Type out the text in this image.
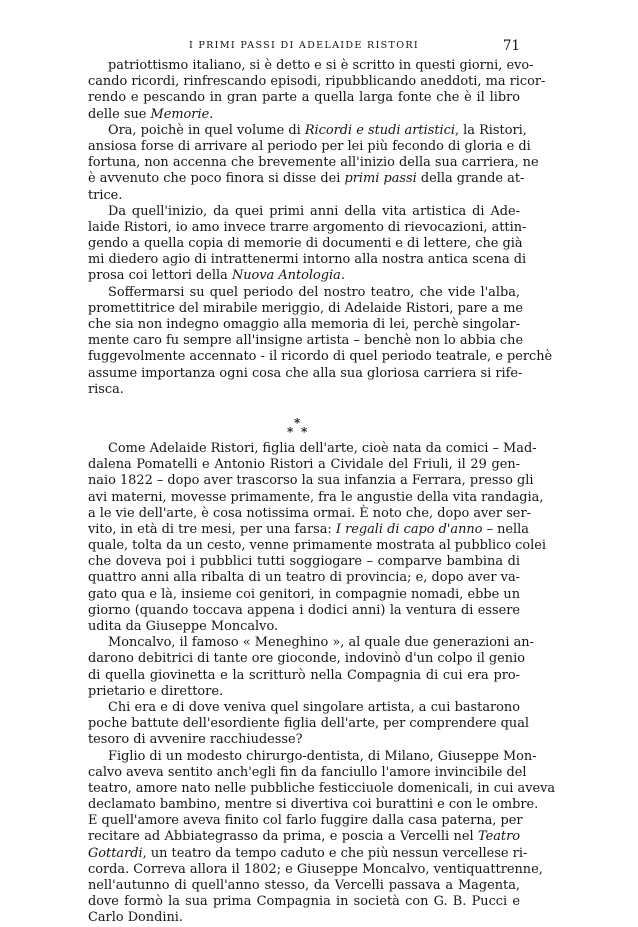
I PRIMI PASSI DI ADELAIDE RISTORI	71
patriottismo italiano, si è detto e si è scritto in questi giorni, evo-
cando ricordi, rinfrescando episodi, ripubblicando aneddoti, ma ricor-
rendo e pescando in gran parte a quella larga fonte che è il libro
delle sue Memorie.
Ora, poichè in quel volume di Ricordi e studi artistici, la Ristori,
ansiosa forse di arrivare al periodo per lei più fecondo di gloria e di
fortuna, non accenna che brevemente all'inizio della sua carriera, ne
è avvenuto che poco finora si disse dei primi passi della grande at-
trice.
Da quell'inizio, da quei primi anni della vita artistica di Ade-
laide Ristori, io amo invece trarre argomento di rievocazioni, attin-
gendo a quella copia di memorie di documenti e di lettere, che già
mi diedero agio di intrattenermi intorno alla nostra antica scena di
prosa coi lettori della Nuova Antologia.
Soffermarsi su quel periodo del nostro teatro, che vide l'alba,
promettitrice del mirabile meriggio, di Adelaide Ristori, pare a me
che sia non indegno omaggio alla memoria di lei, perchè singolar-
mente caro fu sempre all'insigne artista – benchè non lo abbia che
fuggevolmente accennato - il ricordo di quel periodo teatrale, e perchè
assume importanza ogni cosa che alla sua gloriosa carriera si rife-
risca.
*
* *
Come Adelaide Ristori, figlia dell'arte, cioè nata da comici – Mad-
dalena Pomatelli e Antonio Ristori a Cividale del Friuli, il 29 gen-
naio 1822 – dopo aver trascorso la sua infanzia a Ferrara, presso gli
avi materni, movesse primamente, fra le angustie della vita randagia,
a le vie dell'arte, è cosa notissima ormai. È noto che, dopo aver ser-
vito, in età di tre mesi, per una farsa: I regali di capo d'anno – nella
quale, tolta da un cesto, venne primamente mostrata al pubblico colei
che doveva poi i pubblici tutti soggiogare – comparve bambina di
quattro anni alla ribalta di un teatro di provincia; e, dopo aver va-
gato qua e là, insieme coi genitori, in compagnie nomadi, ebbe un
giorno (quando toccava appena i dodici anni) la ventura di essere
udita da Giuseppe Moncalvo.
Moncalvo, il famoso « Meneghino », al quale due generazioni an-
darono debitrici di tante ore gioconde, indovinò d'un colpo il genio
di quella giovinetta e la scritturò nella Compagnia di cui era pro-
prietario e direttore.
Chi era e di dove veniva quel singolare artista, a cui bastarono
poche battute dell'esordiente figlia dell'arte, per comprendere qual
tesoro di avvenire racchiudesse?
Figlio di un modesto chirurgo-dentista, di Milano, Giuseppe Mon-
calvo aveva sentito anch'egli fin da fanciullo l'amore invincibile del
teatro, amore nato nelle pubbliche festicciuole domenicali, in cui aveva
declamato bambino, mentre si divertiva coi burattini e con le ombre.
E quell'amore aveva finito col farlo fuggire dalla casa paterna, per
recitare ad Abbiategrasso da prima, e poscia a Vercelli nel Teatro
Gottardi, un teatro da tempo caduto e che più nessun vercellese ri-
corda. Correva allora il 1802; e Giuseppe Moncalvo, ventiquattrenne,
nell'autunno di quell'anno stesso, da Vercelli passava a Magenta,
dove formò la sua prima Compagnia in società con G. B. Pucci e
Carlo Dondini.
